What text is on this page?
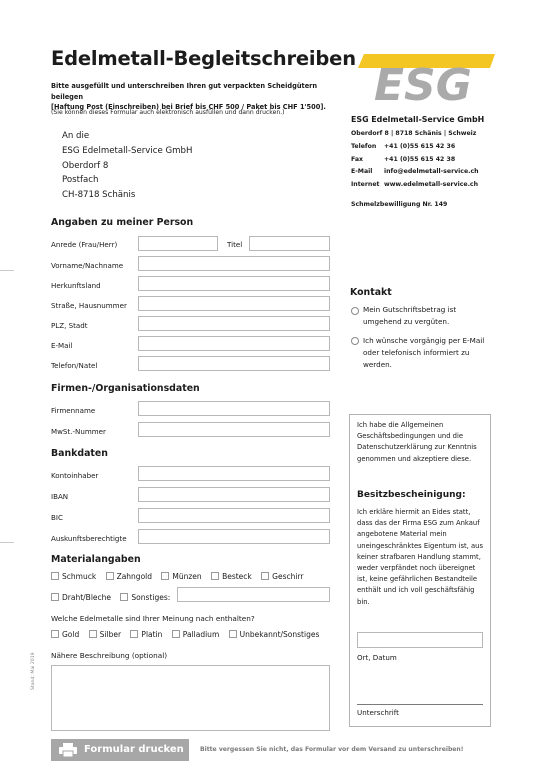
Edelmetall-Begleitschreiben
Bitte ausgefüllt und unterschreiben Ihren gut verpackten Scheidgütern beilegen
[Haftung Post (Einschreiben) bei Brief bis CHF 500 / Paket bis CHF 1'500].
(Sie können dieses Formular auch elektronisch ausfüllen und dann drucken.)
An die
ESG Edelmetall-Service GmbH
Oberdorf 8
Postfach
CH-8718 Schänis
ESG
ESG Edelmetall-Service GmbH
Oberdorf 8 | 8718 Schänis | Schweiz
Telefon +41 (0)55 615 42 36
Fax	+41 (0)55 615 42 38
E-Mail info@edelmetall-service.ch
Internet www.edelmetall-service.ch
Schmelzbewilligung Nr. 149
Angaben zu meiner Person
Anrede (Frau/Herr)	Titel
Vorname/Nachname
Herkunftsland
Straße, Hausnummer
PLZ, Stadt
E-Mail
Telefon/Natel
Firmen-/Organisationsdaten
Firmenname
MwSt.-Nummer
Bankdaten
Kontoinhaber
IBAN
BIC
Auskunftsberechtigte
Materialangaben
Schmuck	Zahngold	Münzen	Besteck	Geschirr
Draht/Bleche	Sonstiges:
Welche Edelmetalle sind Ihrer Meinung nach enthalten?
Gold	Silber	Platin	Palladium	Unbekannt/Sonstiges
Nähere Beschreibung (optional)
Kontakt
Mein Gutschriftsbetrag ist umgehend zu vergüten.
Ich wünsche vorgängig per E-Mail oder telefonisch informiert zu werden.
Ich habe die Allgemeinen Geschäftsbedingungen und die Datenschutzerklärung zur Kenntnis genommen und akzeptiere diese.
Besitzbescheinigung:
Ich erkläre hiermit an Eides statt, dass das der Firma ESG zum Ankauf angebotene Material mein uneingeschränktes Eigentum ist, aus keiner strafbaren Handlung stammt, weder verpfändet noch übereignet ist, keine gefährlichen Bestandteile enthält und ich voll geschäftsfähig bin.
Ort, Datum
Unterschrift
Stand: Mai 2019
Formular drucken	Bitte vergessen Sie nicht, das Formular vor dem Versand zu unterschreiben!
